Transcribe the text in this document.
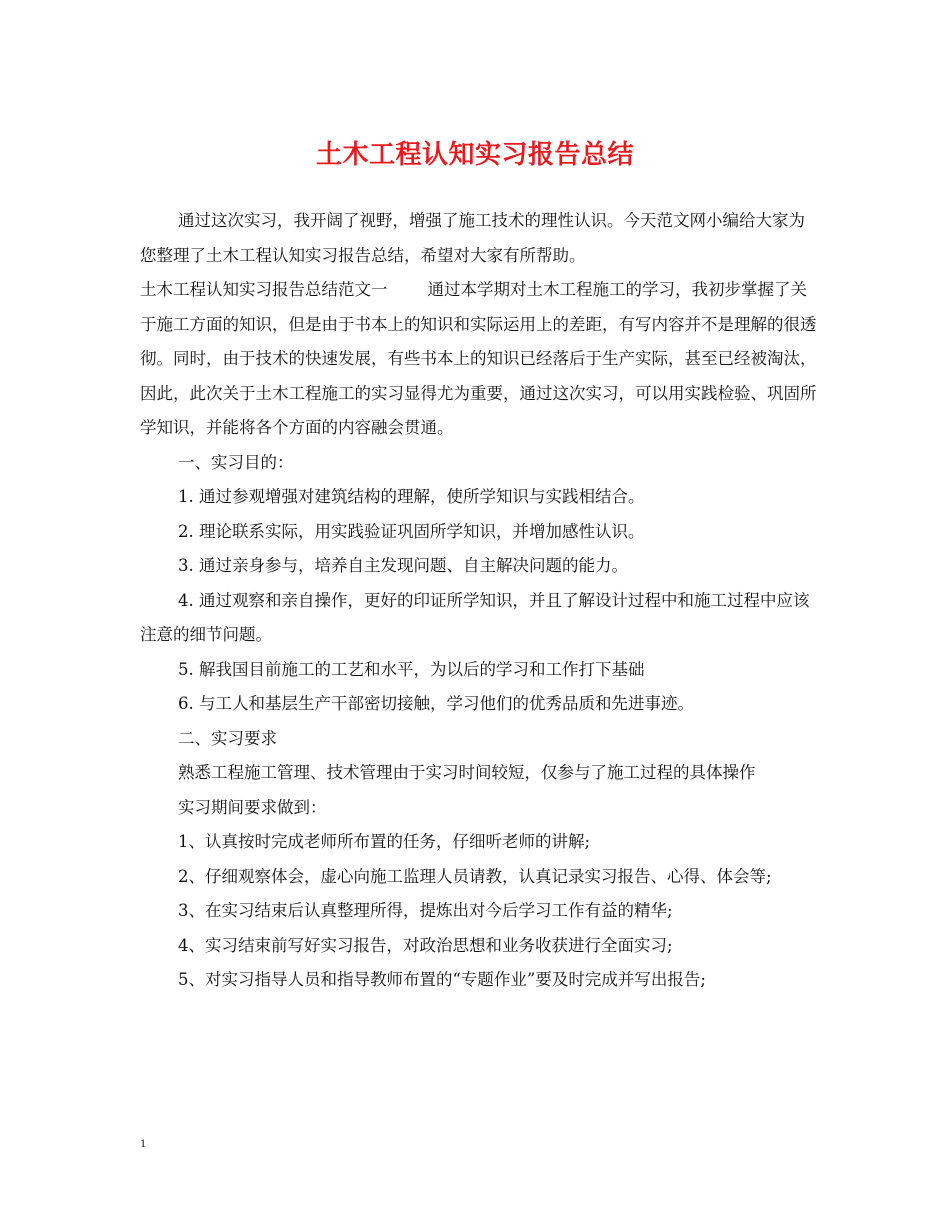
土木工程认知实习报告总结

通过这次实习，我开阔了视野，增强了施工技术的理性认识。今天范文网小编给大家为您整理了土木工程认知实习报告总结，希望对大家有所帮助。

土木工程认知实习报告总结范文一 通过本学期对土木工程施工的学习，我初步掌握了关于施工方面的知识，但是由于书本上的知识和实际运用上的差距，有写内容并不是理解的很透彻。同时，由于技术的快速发展，有些书本上的知识已经落后于生产实际，甚至已经被淘汰，因此，此次关于土木工程施工的实习显得尤为重要，通过这次实习，可以用实践检验、巩固所学知识，并能将各个方面的内容融会贯通。

一、实习目的：

1. 通过参观增强对建筑结构的理解，使所学知识与实践相结合。

2. 理论联系实际，用实践验证巩固所学知识，并增加感性认识。

3. 通过亲身参与，培养自主发现问题、自主解决问题的能力。

4. 通过观察和亲自操作，更好的印证所学知识，并且了解设计过程中和施工过程中应该注意的细节问题。

5. 解我国目前施工的工艺和水平，为以后的学习和工作打下基础

6. 与工人和基层生产干部密切接触，学习他们的优秀品质和先进事迹。

二、实习要求

熟悉工程施工管理、技术管理由于实习时间较短，仅参与了施工过程的具体操作

实习期间要求做到：

1、认真按时完成老师所布置的任务，仔细听老师的讲解;

2、仔细观察体会，虚心向施工监理人员请教，认真记录实习报告、心得、体会等;

3、在实习结束后认真整理所得，提炼出对今后学习工作有益的精华;

4、实习结束前写好实习报告，对政治思想和业务收获进行全面实习;

5、对实习指导人员和指导教师布置的“专题作业”要及时完成并写出报告;

1
